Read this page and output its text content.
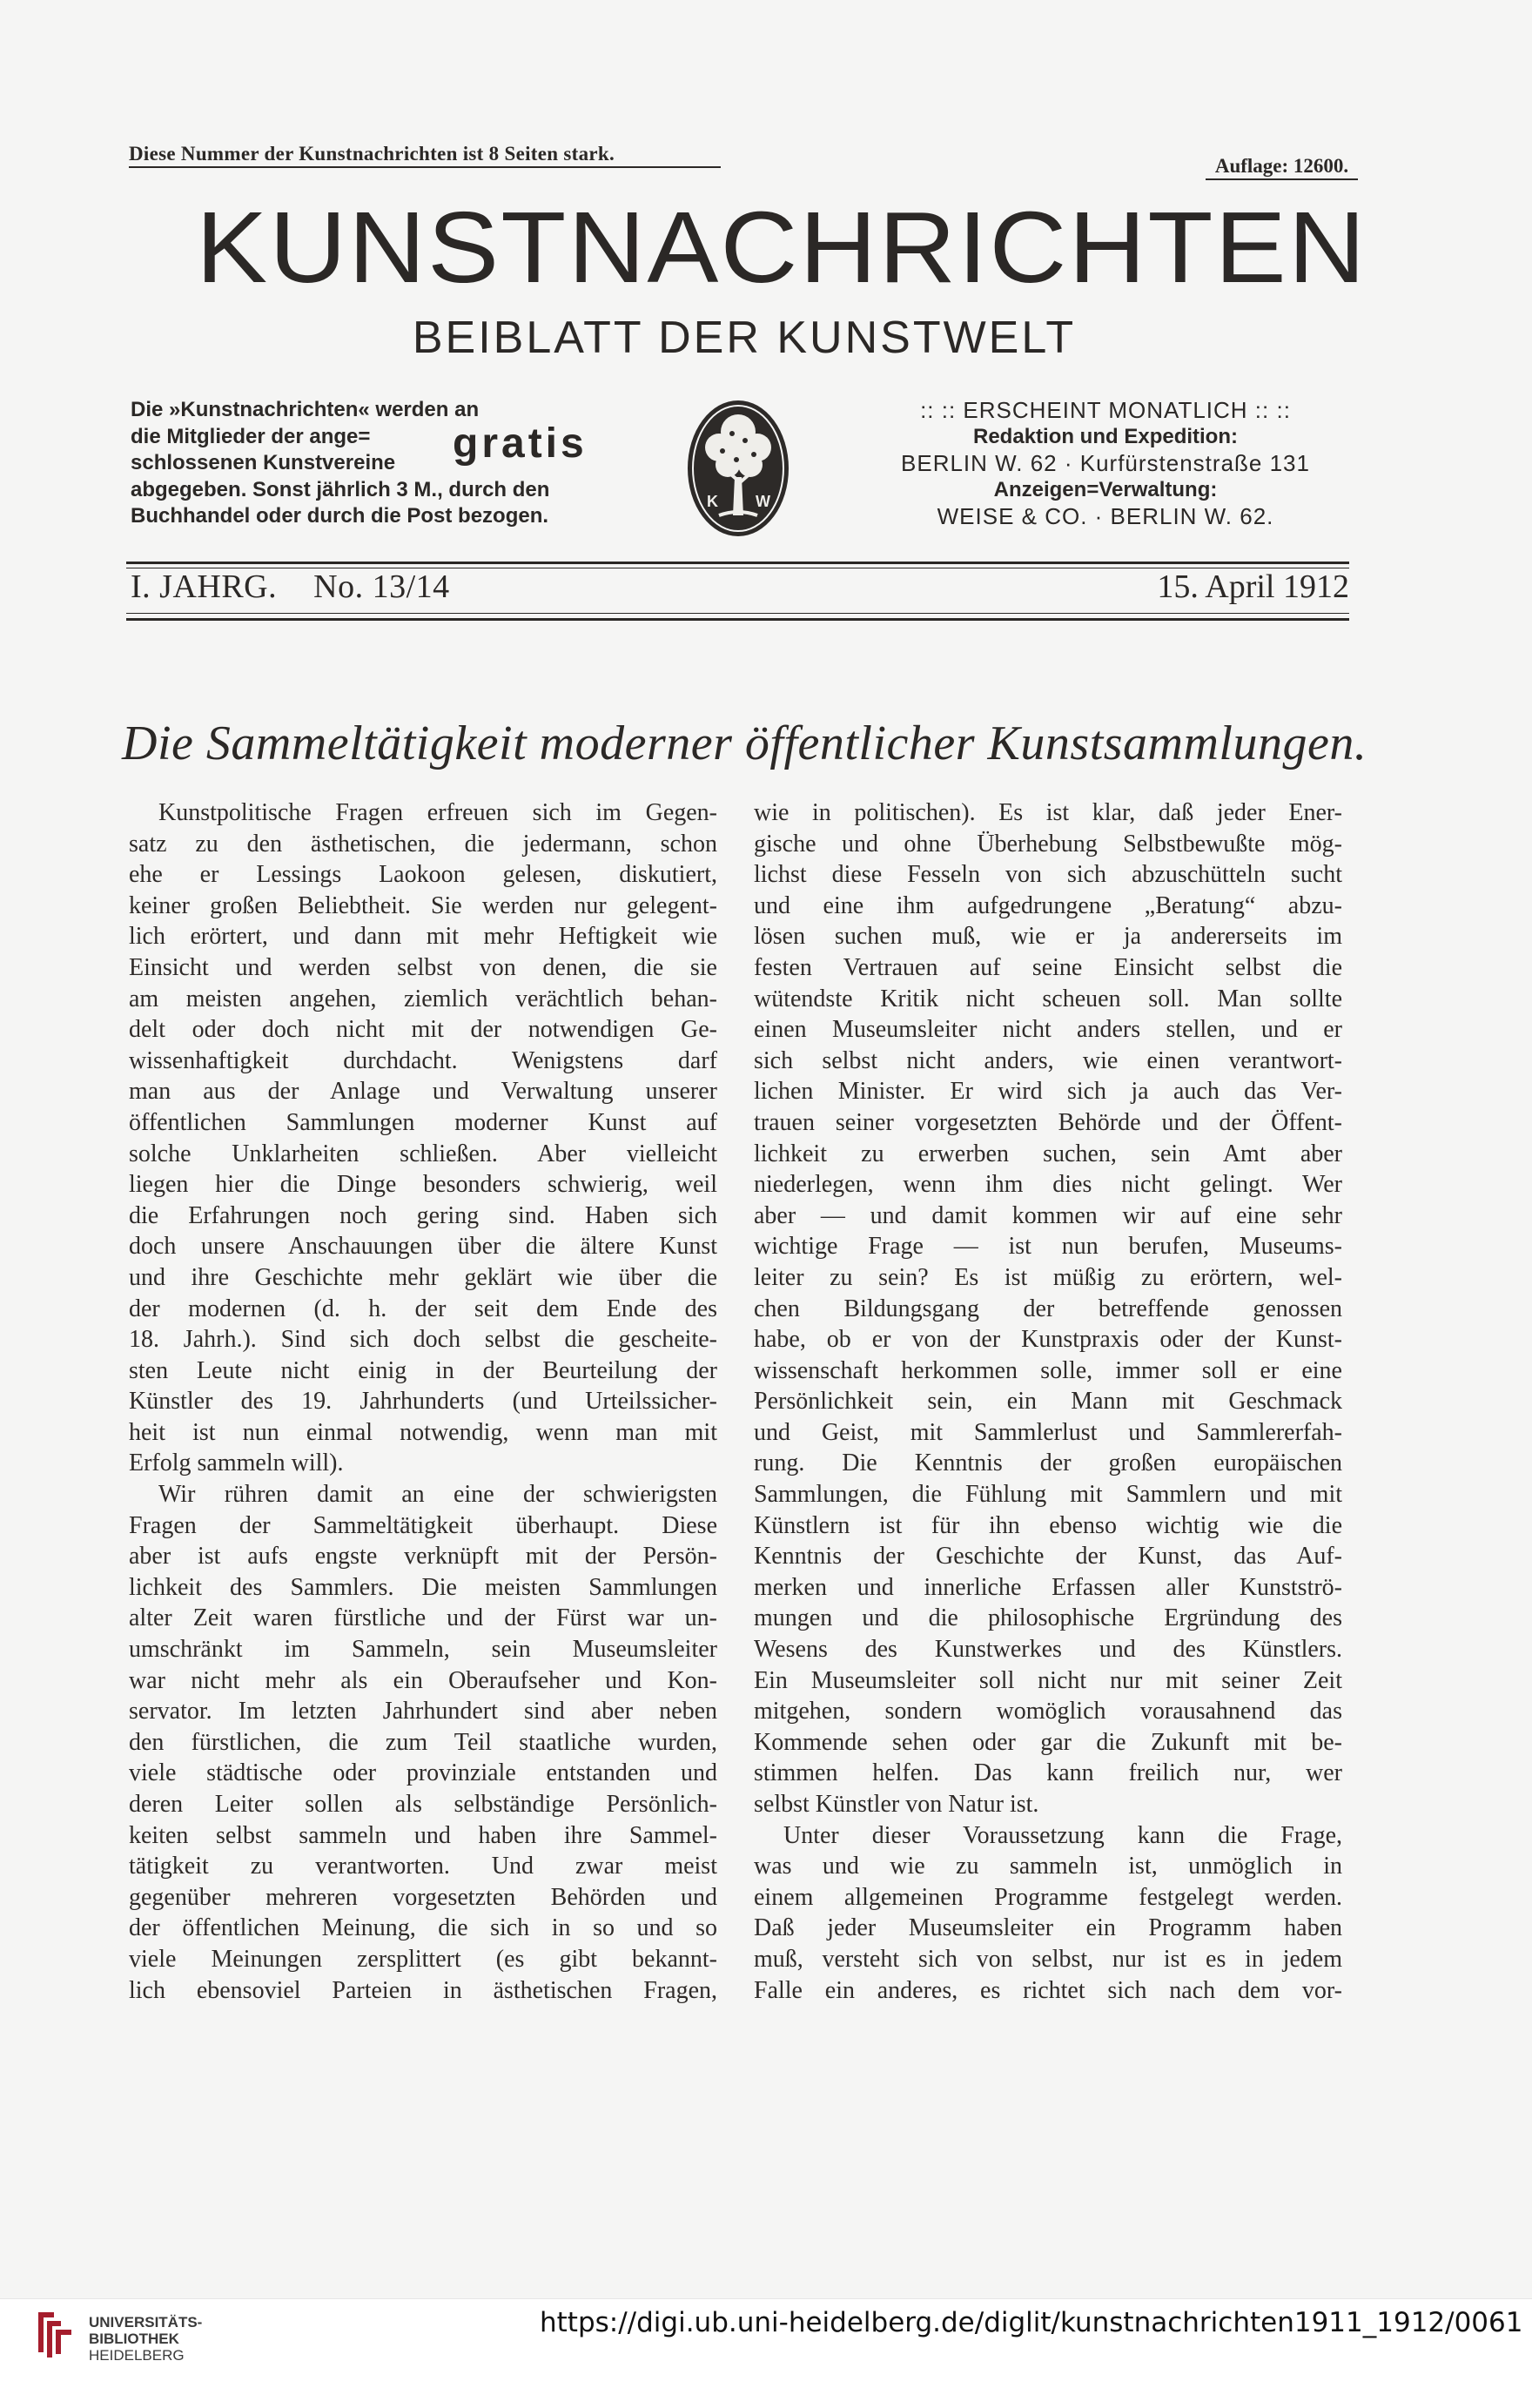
Diese Nummer der Kunstnachrichten ist 8 Seiten stark.
Auflage: 12600.
KUNSTNACHRICHTEN
BEIBLATT DER KUNSTWELT
Die »Kunstnachrichten« werden an
die Mitglieder der ange=
schlossenen Kunstvereine
abgegeben. Sonst jährlich 3 M., durch den
Buchhandel oder durch die Post bezogen.
gratis
K W
:: :: ERSCHEINT MONATLICH :: ::
Redaktion und Expedition:
BERLIN W. 62 · Kurfürstenstraße 131
Anzeigen=Verwaltung:
WEISE & CO. · BERLIN W. 62.
I. JAHRG. No. 13/14	15. April 1912
Die Sammeltätigkeit moderner öffentlicher Kunstsammlungen.
Kunstpolitische Fragen erfreuen sich im Gegen-
satz zu den ästhetischen, die jedermann, schon
ehe er Lessings Laokoon gelesen, diskutiert,
keiner großen Beliebtheit. Sie werden nur gelegent-
lich erörtert, und dann mit mehr Heftigkeit wie
Einsicht und werden selbst von denen, die sie
am meisten angehen, ziemlich verächtlich behan-
delt oder doch nicht mit der notwendigen Ge-
wissenhaftigkeit durchdacht. Wenigstens darf
man aus der Anlage und Verwaltung unserer
öffentlichen Sammlungen moderner Kunst auf
solche Unklarheiten schließen. Aber vielleicht
liegen hier die Dinge besonders schwierig, weil
die Erfahrungen noch gering sind. Haben sich
doch unsere Anschauungen über die ältere Kunst
und ihre Geschichte mehr geklärt wie über die
der modernen (d. h. der seit dem Ende des
18. Jahrh.). Sind sich doch selbst die gescheite-
sten Leute nicht einig in der Beurteilung der
Künstler des 19. Jahrhunderts (und Urteilssicher-
heit ist nun einmal notwendig, wenn man mit
Erfolg sammeln will).
Wir rühren damit an eine der schwierigsten
Fragen der Sammeltätigkeit überhaupt. Diese
aber ist aufs engste verknüpft mit der Persön-
lichkeit des Sammlers. Die meisten Sammlungen
alter Zeit waren fürstliche und der Fürst war un-
umschränkt im Sammeln, sein Museumsleiter
war nicht mehr als ein Oberaufseher und Kon-
servator. Im letzten Jahrhundert sind aber neben
den fürstlichen, die zum Teil staatliche wurden,
viele städtische oder provinziale entstanden und
deren Leiter sollen als selbständige Persönlich-
keiten selbst sammeln und haben ihre Sammel-
tätigkeit zu verantworten. Und zwar meist
gegenüber mehreren vorgesetzten Behörden und
der öffentlichen Meinung, die sich in so und so
viele Meinungen zersplittert (es gibt bekannt-
lich ebensoviel Parteien in ästhetischen Fragen,
wie in politischen). Es ist klar, daß jeder Ener-
gische und ohne Überhebung Selbstbewußte mög-
lichst diese Fesseln von sich abzuschütteln sucht
und eine ihm aufgedrungene „Beratung“ abzu-
lösen suchen muß, wie er ja andererseits im
festen Vertrauen auf seine Einsicht selbst die
wütendste Kritik nicht scheuen soll. Man sollte
einen Museumsleiter nicht anders stellen, und er
sich selbst nicht anders, wie einen verantwort-
lichen Minister. Er wird sich ja auch das Ver-
trauen seiner vorgesetzten Behörde und der Öffent-
lichkeit zu erwerben suchen, sein Amt aber
niederlegen, wenn ihm dies nicht gelingt. Wer
aber — und damit kommen wir auf eine sehr
wichtige Frage — ist nun berufen, Museums-
leiter zu sein? Es ist müßig zu erörtern, wel-
chen Bildungsgang der betreffende genossen
habe, ob er von der Kunstpraxis oder der Kunst-
wissenschaft herkommen solle, immer soll er eine
Persönlichkeit sein, ein Mann mit Geschmack
und Geist, mit Sammlerlust und Sammlererfah-
rung. Die Kenntnis der großen europäischen
Sammlungen, die Fühlung mit Sammlern und mit
Künstlern ist für ihn ebenso wichtig wie die
Kenntnis der Geschichte der Kunst, das Auf-
merken und innerliche Erfassen aller Kunstströ-
mungen und die philosophische Ergründung des
Wesens des Kunstwerkes und des Künstlers.
Ein Museumsleiter soll nicht nur mit seiner Zeit
mitgehen, sondern womöglich vorausahnend das
Kommende sehen oder gar die Zukunft mit be-
stimmen helfen. Das kann freilich nur, wer
selbst Künstler von Natur ist.
Unter dieser Voraussetzung kann die Frage,
was und wie zu sammeln ist, unmöglich in
einem allgemeinen Programme festgelegt werden.
Daß jeder Museumsleiter ein Programm haben
muß, versteht sich von selbst, nur ist es in jedem
Falle ein anderes, es richtet sich nach dem vor-
UNIVERSITÄTS-
BIBLIOTHEK
HEIDELBERG
https://digi.ub.uni-heidelberg.de/diglit/kunstnachrichten1911_1912/0061
